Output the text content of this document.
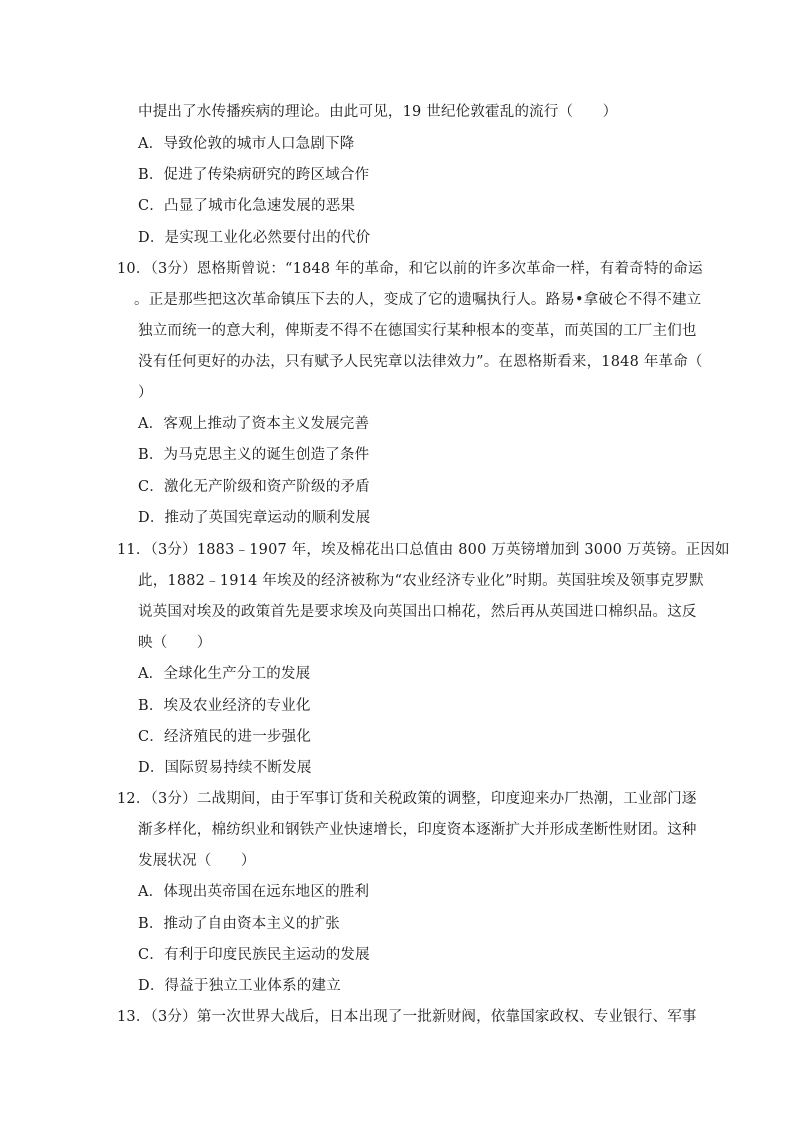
中提出了水传播疾病的理论。由此可见，19 世纪伦敦霍乱的流行（　　）
A．导致伦敦的城市人口急剧下降
B．促进了传染病研究的跨区域合作
C．凸显了城市化急速发展的恶果
D．是实现工业化必然要付出的代价
10．（3分）恩格斯曾说：“1848 年的革命，和它以前的许多次革命一样，有着奇特的命运
。正是那些把这次革命镇压下去的人，变成了它的遗嘱执行人。路易•拿破仑不得不建立
独立而统一的意大利，俾斯麦不得不在德国实行某种根本的变革，而英国的工厂主们也
没有任何更好的办法，只有赋予人民宪章以法律效力”。在恩格斯看来，1848 年革命（
）
A．客观上推动了资本主义发展完善
B．为马克思主义的诞生创造了条件
C．激化无产阶级和资产阶级的矛盾
D．推动了英国宪章运动的顺利发展
11．（3分）1883﹣1907 年，埃及棉花出口总值由 800 万英镑增加到 3000 万英镑。正因如
此，1882﹣1914 年埃及的经济被称为“农业经济专业化”时期。英国驻埃及领事克罗默
说英国对埃及的政策首先是要求埃及向英国出口棉花，然后再从英国进口棉织品。这反
映（　　）
A．全球化生产分工的发展
B．埃及农业经济的专业化
C．经济殖民的进一步强化
D．国际贸易持续不断发展
12．（3分）二战期间，由于军事订货和关税政策的调整，印度迎来办厂热潮，工业部门逐
渐多样化，棉纺织业和钢铁产业快速增长，印度资本逐渐扩大并形成垄断性财团。这种
发展状况（　　）
A．体现出英帝国在远东地区的胜利
B．推动了自由资本主义的扩张
C．有利于印度民族民主运动的发展
D．得益于独立工业体系的建立
13．（3分）第一次世界大战后，日本出现了一批新财阀，依靠国家政权、专业银行、军事
